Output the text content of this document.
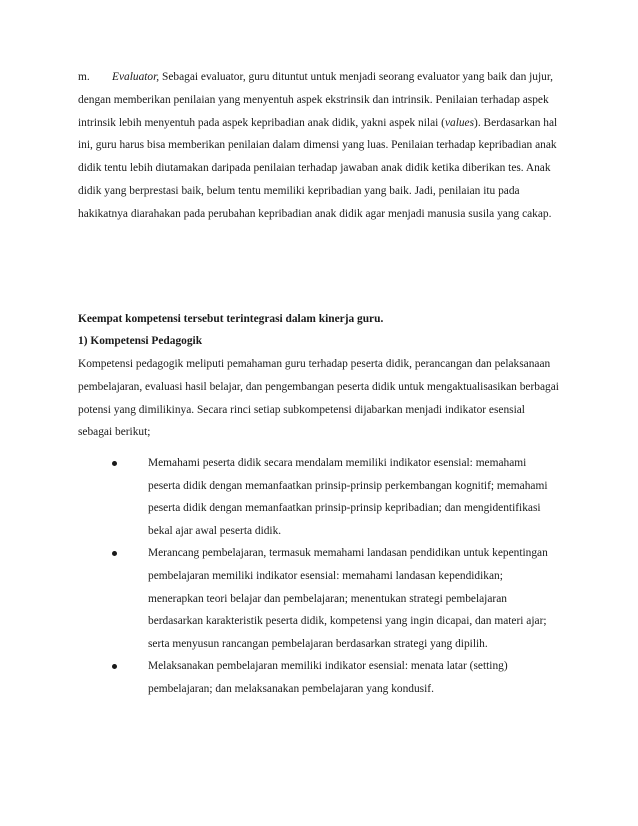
m. Evaluator, Sebagai evaluator, guru dituntut untuk menjadi seorang evaluator yang baik dan jujur, dengan memberikan penilaian yang menyentuh aspek ekstrinsik dan intrinsik. Penilaian terhadap aspek intrinsik lebih menyentuh pada aspek kepribadian anak didik, yakni aspek nilai (values). Berdasarkan hal ini, guru harus bisa memberikan penilaian dalam dimensi yang luas. Penilaian terhadap kepribadian anak didik tentu lebih diutamakan daripada penilaian terhadap jawaban anak didik ketika diberikan tes. Anak didik yang berprestasi baik, belum tentu memiliki kepribadian yang baik. Jadi, penilaian itu pada hakikatnya diarahakan pada perubahan kepribadian anak didik agar menjadi manusia susila yang cakap.

Keempat kompetensi tersebut terintegrasi dalam kinerja guru.

1) Kompetensi Pedagogik

Kompetensi pedagogik meliputi pemahaman guru terhadap peserta didik, perancangan dan pelaksanaan pembelajaran, evaluasi hasil belajar, dan pengembangan peserta didik untuk mengaktualisasikan berbagai potensi yang dimilikinya. Secara rinci setiap subkompetensi dijabarkan menjadi indikator esensial sebagai berikut;

Memahami peserta didik secara mendalam memiliki indikator esensial: memahami peserta didik dengan memanfaatkan prinsip-prinsip perkembangan kognitif; memahami peserta didik dengan memanfaatkan prinsip-prinsip kepribadian; dan mengidentifikasi bekal ajar awal peserta didik.
Merancang pembelajaran, termasuk memahami landasan pendidikan untuk kepentingan pembelajaran memiliki indikator esensial: memahami landasan kependidikan; menerapkan teori belajar dan pembelajaran; menentukan strategi pembelajaran berdasarkan karakteristik peserta didik, kompetensi yang ingin dicapai, dan materi ajar; serta menyusun rancangan pembelajaran berdasarkan strategi yang dipilih.
Melaksanakan pembelajaran memiliki indikator esensial: menata latar (setting) pembelajaran; dan melaksanakan pembelajaran yang kondusif.
